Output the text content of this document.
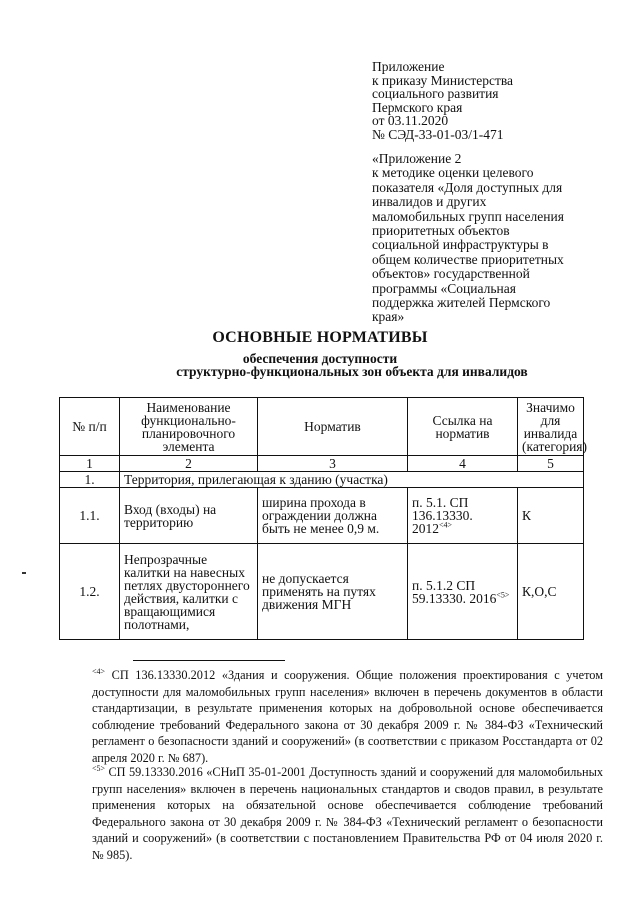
Приложение
к приказу Министерства
социального развития
Пермского края
от 03.11.2020
№ СЭД-33-01-03/1-471
«Приложение 2
к методике оценки целевого
показателя «Доля доступных для
инвалидов и других
маломобильных групп населения
приоритетных объектов
социальной инфраструктуры в
общем количестве приоритетных
объектов» государственной
программы «Социальная
поддержка жителей Пермского
края»
ОСНОВНЫЕ НОРМАТИВЫ
обеспечения доступности
структурно-функциональных зон объекта для инвалидов
№ п/п	Наименование функционально-планировочного элемента	Норматив	Ссылка на норматив	Значимо для инвалида (категория)
1	2	3	4	5
1.	Территория, прилегающая к зданию (участка)			
1.1.	Вход (входы) на территорию	ширина прохода в ограждении должна быть не менее 0,9 м.	п. 5.1. СП 136.13330. $2012^{<4>}$	К
1.2.	Непрозрачные калитки на навесных петлях двустороннего действия, калитки с вращающимися полотнами,	не допускается применять на путях движения МГН	п. 5.1.2 СП 59.13330. $2016^{<5>}$	К,О,С
$^{<4>}$ СП 136.13330.2012 «Здания и сооружения. Общие положения проектирования с учетом доступности для маломобильных групп населения» включен в перечень документов в области стандартизации, в результате применения которых на добровольной основе обеспечивается соблюдение требований Федерального закона от 30 декабря 2009 г. № 384-ФЗ «Технический регламент о безопасности зданий и сооружений» (в соответствии с приказом Росстандарта от 02 апреля 2020 г. № 687).
$^{<5>}$ СП 59.13330.2016 «СНиП 35-01-2001 Доступность зданий и сооружений для маломобильных групп населения» включен в перечень национальных стандартов и сводов правил, в результате применения которых на обязательной основе обеспечивается соблюдение требований Федерального закона от 30 декабря 2009 г. № 384-ФЗ «Технический регламент о безопасности зданий и сооружений» (в соответствии с постановлением Правительства РФ от 04 июля 2020 г. № 985).
